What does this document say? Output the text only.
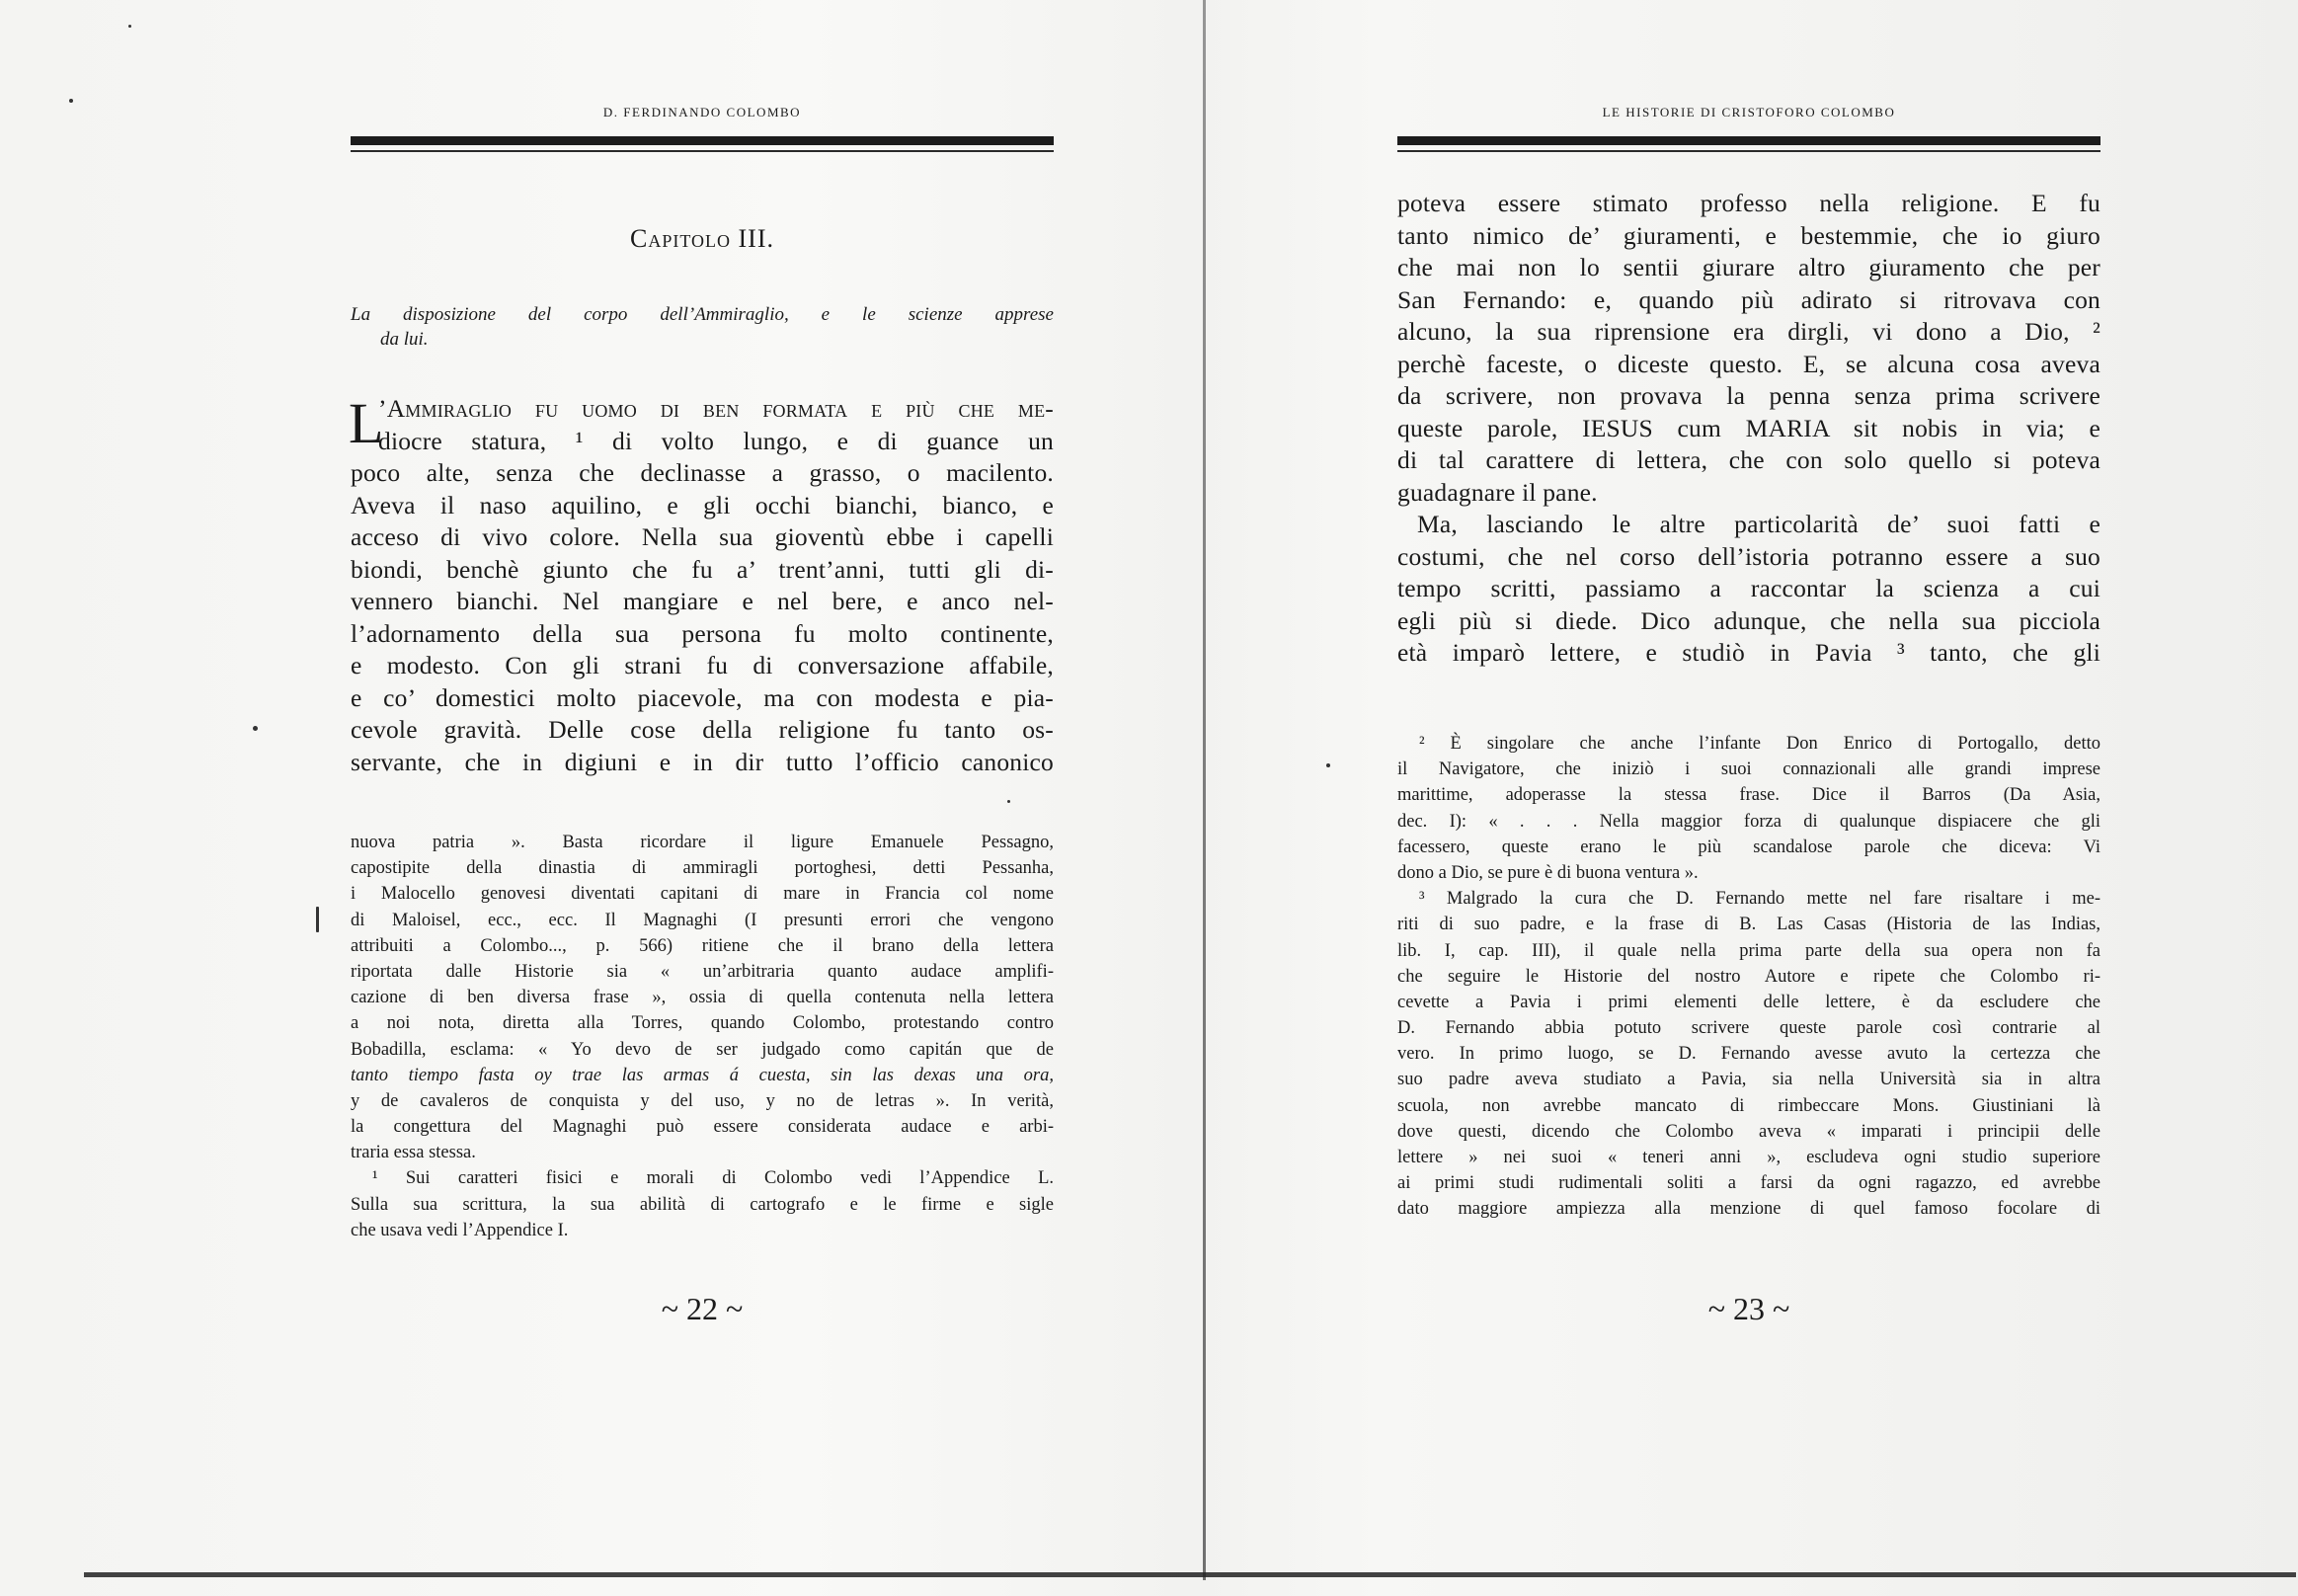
D. FERDINANDO COLOMBO
Capitolo III.
La disposizione del corpo dell’Ammiraglio, e le scienze apprese
da lui.
L
’Ammiraglio fu uomo di ben formata e più che me-
diocre statura, ¹ di volto lungo, e di guance un
poco alte, senza che declinasse a grasso, o macilento.
Aveva il naso aquilino, e gli occhi bianchi, bianco, e
acceso di vivo colore. Nella sua gioventù ebbe i capelli
biondi, benchè giunto che fu a’ trent’anni, tutti gli di-
vennero bianchi. Nel mangiare e nel bere, e anco nel-
l’adornamento della sua persona fu molto continente,
e modesto. Con gli strani fu di conversazione affabile,
e co’ domestici molto piacevole, ma con modesta e pia-
cevole gravità. Delle cose della religione fu tanto os-
servante, che in digiuni e in dir tutto l’officio canonico
nuova patria ». Basta ricordare il ligure Emanuele Pessagno,
capostipite della dinastia di ammiragli portoghesi, detti Pessanha,
i Malocello genovesi diventati capitani di mare in Francia col nome
di Maloisel, ecc., ecc. Il Magnaghi (I presunti errori che vengono
attribuiti a Colombo..., p. 566) ritiene che il brano della lettera
riportata dalle Historie sia « un’arbitraria quanto audace amplifi-
cazione di ben diversa frase », ossia di quella contenuta nella lettera
a noi nota, diretta alla Torres, quando Colombo, protestando contro
Bobadilla, esclama: « Yo devo de ser judgado como capitán que de
tanto tiempo fasta oy trae las armas á cuesta, sin las dexas una ora,
y de cavaleros de conquista y del uso, y no de letras ». In verità,
la congettura del Magnaghi può essere considerata audace e arbi-
traria essa stessa.
¹ Sui caratteri fisici e morali di Colombo vedi l’Appendice L.
Sulla sua scrittura, la sua abilità di cartografo e le firme e sigle
che usava vedi l’Appendice I.
~ 22 ~
LE HISTORIE DI CRISTOFORO COLOMBO
poteva essere stimato professo nella religione. E fu
tanto nimico de’ giuramenti, e bestemmie, che io giuro
che mai non lo sentii giurare altro giuramento che per
San Fernando: e, quando più adirato si ritrovava con
alcuno, la sua riprensione era dirgli, vi dono a Dio, ²
perchè faceste, o diceste questo. E, se alcuna cosa aveva
da scrivere, non provava la penna senza prima scrivere
queste parole, IESUS cum MARIA sit nobis in via; e
di tal carattere di lettera, che con solo quello si poteva
guadagnare il pane.
Ma, lasciando le altre particolarità de’ suoi fatti e
costumi, che nel corso dell’istoria potranno essere a suo
tempo scritti, passiamo a raccontar la scienza a cui
egli più si diede. Dico adunque, che nella sua picciola
età imparò lettere, e studiò in Pavia ³ tanto, che gli
² È singolare che anche l’infante Don Enrico di Portogallo, detto
il Navigatore, che iniziò i suoi connazionali alle grandi imprese
marittime, adoperasse la stessa frase. Dice il Barros (Da Asia,
dec. I): « . . . Nella maggior forza di qualunque dispiacere che gli
facessero, queste erano le più scandalose parole che diceva: Vi
dono a Dio, se pure è di buona ventura ».
³ Malgrado la cura che D. Fernando mette nel fare risaltare i me-
riti di suo padre, e la frase di B. Las Casas (Historia de las Indias,
lib. I, cap. III), il quale nella prima parte della sua opera non fa
che seguire le Historie del nostro Autore e ripete che Colombo ri-
cevette a Pavia i primi elementi delle lettere, è da escludere che
D. Fernando abbia potuto scrivere queste parole così contrarie al
vero. In primo luogo, se D. Fernando avesse avuto la certezza che
suo padre aveva studiato a Pavia, sia nella Università sia in altra
scuola, non avrebbe mancato di rimbeccare Mons. Giustiniani là
dove questi, dicendo che Colombo aveva « imparati i principii delle
lettere » nei suoi « teneri anni », escludeva ogni studio superiore
ai primi studi rudimentali soliti a farsi da ogni ragazzo, ed avrebbe
dato maggiore ampiezza alla menzione di quel famoso focolare di
~ 23 ~
